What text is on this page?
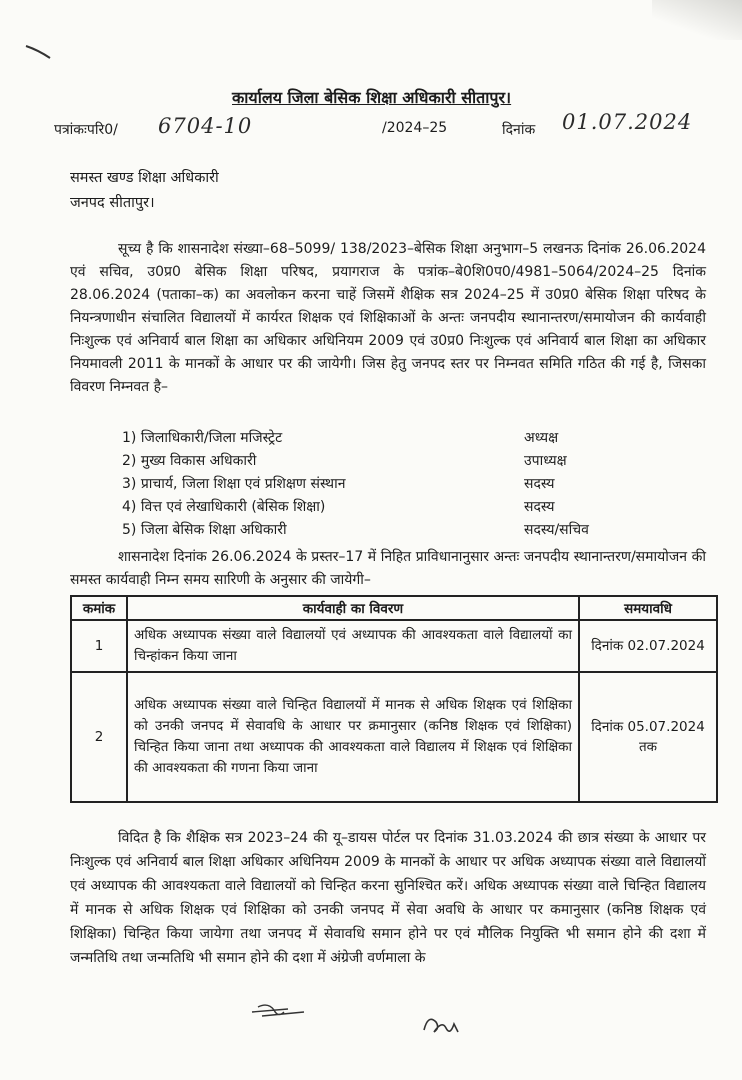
कार्यालय जिला बेसिक शिक्षा अधिकारी सीतापुर।
पत्रांकःपरि0/ 6704-10	/2024–25	दिनांक 01.07.2024
समस्त खण्ड शिक्षा अधिकारी
जनपद सीतापुर।
सूच्य है कि शासनादेश संख्या–68–5099/ 138/2023–बेसिक शिक्षा अनुभाग–5 लखनऊ दिनांक 26.06.2024 एवं सचिव, उ0प्र0 बेसिक शिक्षा परिषद, प्रयागराज के पत्रांक–बे0शि0प0/4981–5064/2024–25 दिनांक 28.06.2024 (पताका–क) का अवलोकन करना चाहें जिसमें शैक्षिक सत्र 2024–25 में उ0प्र0 बेसिक शिक्षा परिषद के नियन्त्रणाधीन संचालित विद्यालयों में कार्यरत शिक्षक एवं शिक्षिकाओं के अन्तः जनपदीय स्थानान्तरण/समायोजन की कार्यवाही निःशुल्क एवं अनिवार्य बाल शिक्षा का अधिकार अधिनियम 2009 एवं उ0प्र0 निःशुल्क एवं अनिवार्य बाल शिक्षा का अधिकार नियमावली 2011 के मानकों के आधार पर की जायेगी। जिस हेतु जनपद स्तर पर निम्नवत समिति गठित की गई है, जिसका विवरण निम्नवत है–
1) जिलाधिकारी/जिला मजिस्ट्रेट	अध्यक्ष
2) मुख्य विकास अधिकारी	उपाध्यक्ष
3) प्राचार्य, जिला शिक्षा एवं प्रशिक्षण संस्थान	सदस्य
4) वित्त एवं लेखाधिकारी (बेसिक शिक्षा)	सदस्य
5) जिला बेसिक शिक्षा अधिकारी	सदस्य/सचिव
शासनादेश दिनांक 26.06.2024 के प्रस्तर–17 में निहित प्राविधानानुसार अन्तः जनपदीय स्थानान्तरण/समायोजन की समस्त कार्यवाही निम्न समय सारिणी के अनुसार की जायेगी–
कमांक	कार्यवाही का विवरण	समयावधि
1	अधिक अध्यापक संख्या वाले विद्यालयों एवं अध्यापक की आवश्यकता वाले विद्यालयों का चिन्हांकन किया जाना	दिनांक 02.07.2024

2	अधिक अध्यापक संख्या वाले चिन्हित विद्यालयों में मानक से अधिक शिक्षक एवं शिक्षिका को उनकी जनपद में सेवावधि के आधार पर क्रमानुसार (कनिष्ठ शिक्षक एवं शिक्षिका) चिन्हित किया जाना तथा अध्यापक की आवश्यकता वाले विद्यालय में शिक्षक एवं शिक्षिका की आवश्यकता की गणना किया जाना	दिनांक 05.07.2024
तक
विदित है कि शैक्षिक सत्र 2023–24 की यू–डायस पोर्टल पर दिनांक 31.03.2024 की छात्र संख्या के आधार पर निःशुल्क एवं अनिवार्य बाल शिक्षा अधिकार अधिनियम 2009 के मानकों के आधार पर अधिक अध्यापक संख्या वाले विद्यालयों एवं अध्यापक की आवश्यकता वाले विद्यालयों को चिन्हित करना सुनिश्चित करें। अधिक अध्यापक संख्या वाले चिन्हित विद्यालय में मानक से अधिक शिक्षक एवं शिक्षिका को उनकी जनपद में सेवा अवधि के आधार पर कमानुसार (कनिष्ठ शिक्षक एवं शिक्षिका) चिन्हित किया जायेगा तथा जनपद में सेवावधि समान होने पर एवं मौलिक नियुक्ति भी समान होने की दशा में जन्मतिथि तथा जन्मतिथि भी समान होने की दशा में अंग्रेजी वर्णमाला के
